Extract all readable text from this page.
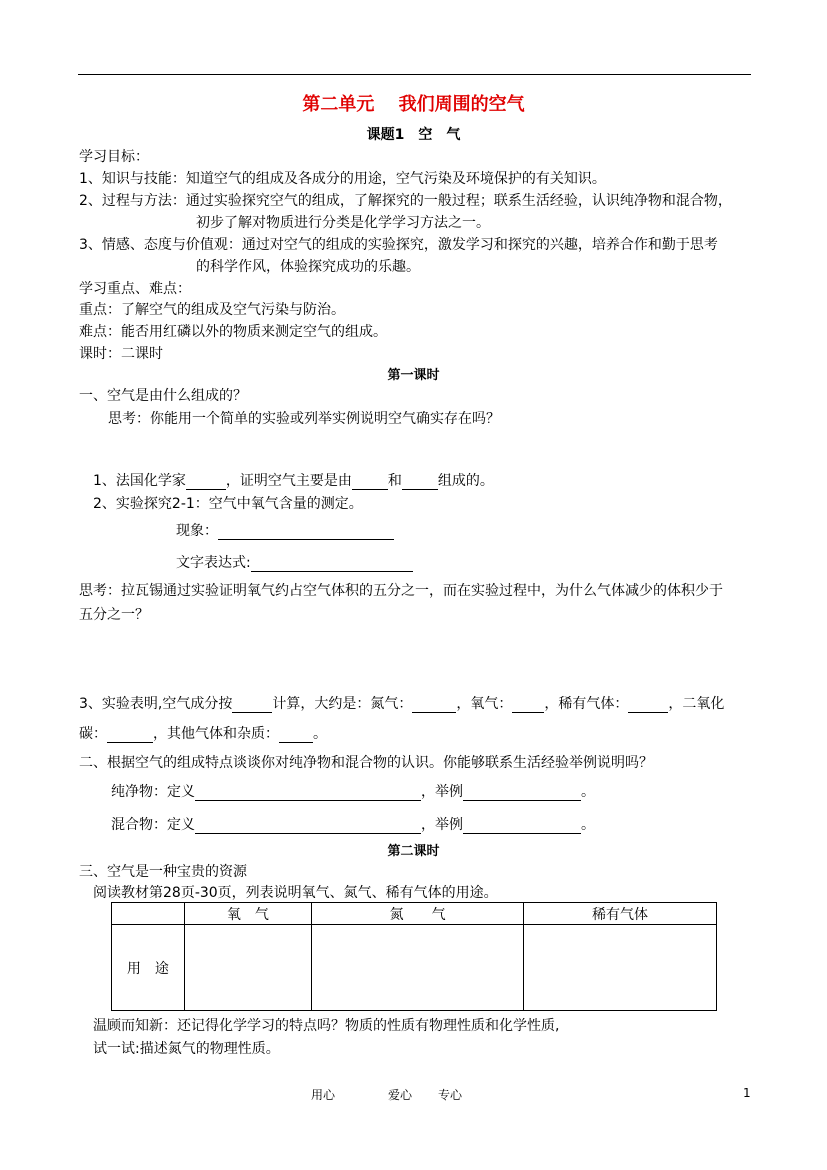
第二单元　 我们周围的空气
课题1　空　气
学习目标：
1、知识与技能：知道空气的组成及各成分的用途，空气污染及环境保护的有关知识。
2、过程与方法：通过实验探究空气的组成，了解探究的一般过程；联系生活经验，认识纯净物和混合物，
初步了解对物质进行分类是化学学习方法之一。
3、情感、态度与价值观：通过对空气的组成的实验探究，激发学习和探究的兴趣，培养合作和勤于思考
的科学作风，体验探究成功的乐趣。
学习重点、难点：
重点：了解空气的组成及空气污染与防治。
难点：能否用红磷以外的物质来测定空气的组成。
课时：二课时
第一课时
一、空气是由什么组成的？
思考：你能用一个简单的实验或列举实例说明空气确实存在吗？
1、法国化学家	，证明空气主要是由	和	组成的。
2、实验探究2-1：空气中氧气含量的测定。
现象：
文字表达式:
思考：拉瓦锡通过实验证明氧气约占空气体积的五分之一，而在实验过程中，为什么气体减少的体积少于
五分之一？
3、实验表明,空气成分按	计算，大约是：氮气：	，氧气： ，稀有气体：	，二氧化
碳：	，其他气体和杂质： 。
二、根据空气的组成特点谈谈你对纯净物和混合物的认识。你能够联系生活经验举例说明吗？
纯净物：定义	，举例	。
混合物：定义	，举例	。
第二课时
三、空气是一种宝贵的资源
阅读教材第28页-30页，列表说明氧气、氮气、稀有气体的用途。
	氧　气	氮　　气	稀有气体
用　途			
温顾而知新：还记得化学学习的特点吗？物质的性质有物理性质和化学性质,
试一试:描述氮气的物理性质。
用心	爱心 专心	1
